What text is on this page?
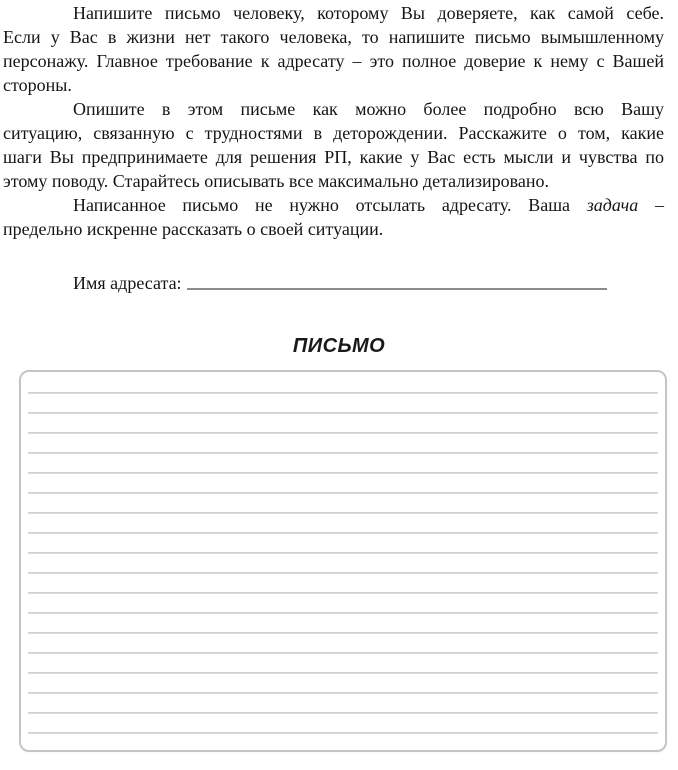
Напишите письмо человеку, которому Вы доверяете, как самой себе.
Если у Вас в жизни нет такого человека, то напишите письмо вымышленному
персонажу. Главное требование к адресату – это полное доверие к нему с Вашей
стороны.
Опишите в этом письме как можно более подробно всю Вашу
ситуацию, связанную с трудностями в деторождении. Расскажите о том, какие
шаги Вы предпринимаете для решения РП, какие у Вас есть мысли и чувства по
этому поводу. Старайтесь описывать все максимально детализировано.
Написанное письмо не нужно отсылать адресату. Ваша задача –
предельно искренне рассказать о своей ситуации.
Имя адресата:
ПИСЬМО
